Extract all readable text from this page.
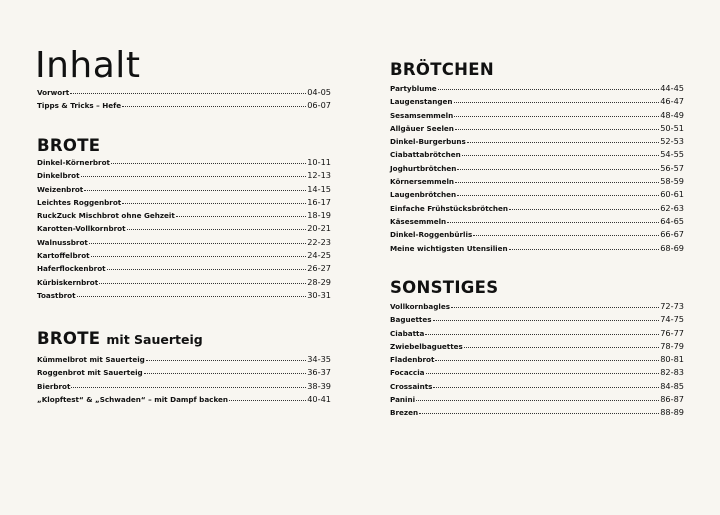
Inhalt
Vorwort	04-05
Tipps & Tricks – Hefe	06-07
BROTE
Dinkel-Körnerbrot	10-11
Dinkelbrot	12-13
Weizenbrot	14-15
Leichtes Roggenbrot	16-17
RuckZuck Mischbrot ohne Gehzeit	18-19
Karotten-Vollkornbrot	20-21
Walnussbrot	22-23
Kartoffelbrot	24-25
Haferflockenbrot	26-27
Kürbiskernbrot	28-29
Toastbrot	30-31
BROTE mit Sauerteig
Kümmelbrot mit Sauerteig	34-35
Roggenbrot mit Sauerteig	36-37
Bierbrot	38-39
„Klopftest“ & „Schwaden“ – mit Dampf backen	40-41
BRÖTCHEN
Partyblume	44-45
Laugenstangen	46-47
Sesamsemmeln	48-49
Allgäuer Seelen	50-51
Dinkel-Burgerbuns	52-53
Ciabattabrötchen	54-55
Joghurtbrötchen	56-57
Körnersemmeln	58-59
Laugenbrötchen	60-61
Einfache Frühstücksbrötchen	62-63
Käsesemmeln	64-65
Dinkel-Roggenbürlis	66-67
Meine wichtigsten Utensilien	68-69
SONSTIGES
Vollkornbagles	72-73
Baguettes	74-75
Ciabatta	76-77
Zwiebelbaguettes	78-79
Fladenbrot	80-81
Focaccia	82-83
Crossaints	84-85
Panini	86-87
Brezen	88-89
